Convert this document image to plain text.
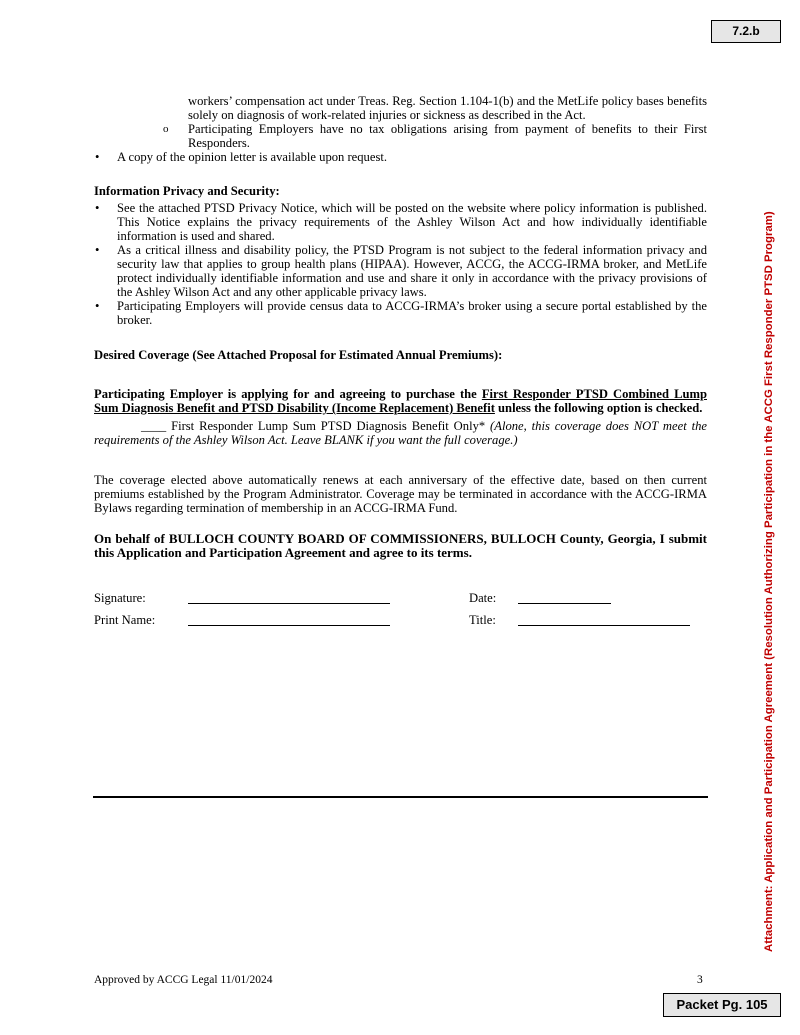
7.2.b
Attachment: Application and Participation Agreement (Resolution Authorizing Participation in the ACCG First Responder PTSD Program)

workers’ compensation act under Treas. Reg. Section 1.104-1(b) and the MetLife policy bases benefits solely on diagnosis of work-related injuries or sickness as described in the Act.

o Participating Employers have no tax obligations arising from payment of benefits to their First Responders.
• A copy of the opinion letter is available upon request.

Information Privacy and Security:

• See the attached PTSD Privacy Notice, which will be posted on the website where policy information is published. This Notice explains the privacy requirements of the Ashley Wilson Act and how individually identifiable information is used and shared.
• As a critical illness and disability policy, the PTSD Program is not subject to the federal information privacy and security law that applies to group health plans (HIPAA). However, ACCG, the ACCG-IRMA broker, and MetLife protect individually identifiable information and use and share it only in accordance with the privacy provisions of the Ashley Wilson Act and any other applicable privacy laws.
• Participating Employers will provide census data to ACCG-IRMA’s broker using a secure portal established by the broker.

Desired Coverage (See Attached Proposal for Estimated Annual Premiums):

Participating Employer is applying for and agreeing to purchase the First Responder PTSD Combined Lump Sum Diagnosis Benefit and PTSD Disability (Income Replacement) Benefit unless the following option is checked.

____ First Responder Lump Sum PTSD Diagnosis Benefit Only* (Alone, this coverage does NOT meet the requirements of the Ashley Wilson Act. Leave BLANK if you want the full coverage.)

The coverage elected above automatically renews at each anniversary of the effective date, based on then current premiums established by the Program Administrator. Coverage may be terminated in accordance with the ACCG-IRMA Bylaws regarding termination of membership in an ACCG-IRMA Fund.

On behalf of BULLOCH COUNTY BOARD OF COMMISSIONERS, BULLOCH County, Georgia, I submit this Application and Participation Agreement and agree to its terms.

Signature:	Date:
Print Name:	Title:
Approved by ACCG Legal 11/01/2024	3
Packet Pg. 105
